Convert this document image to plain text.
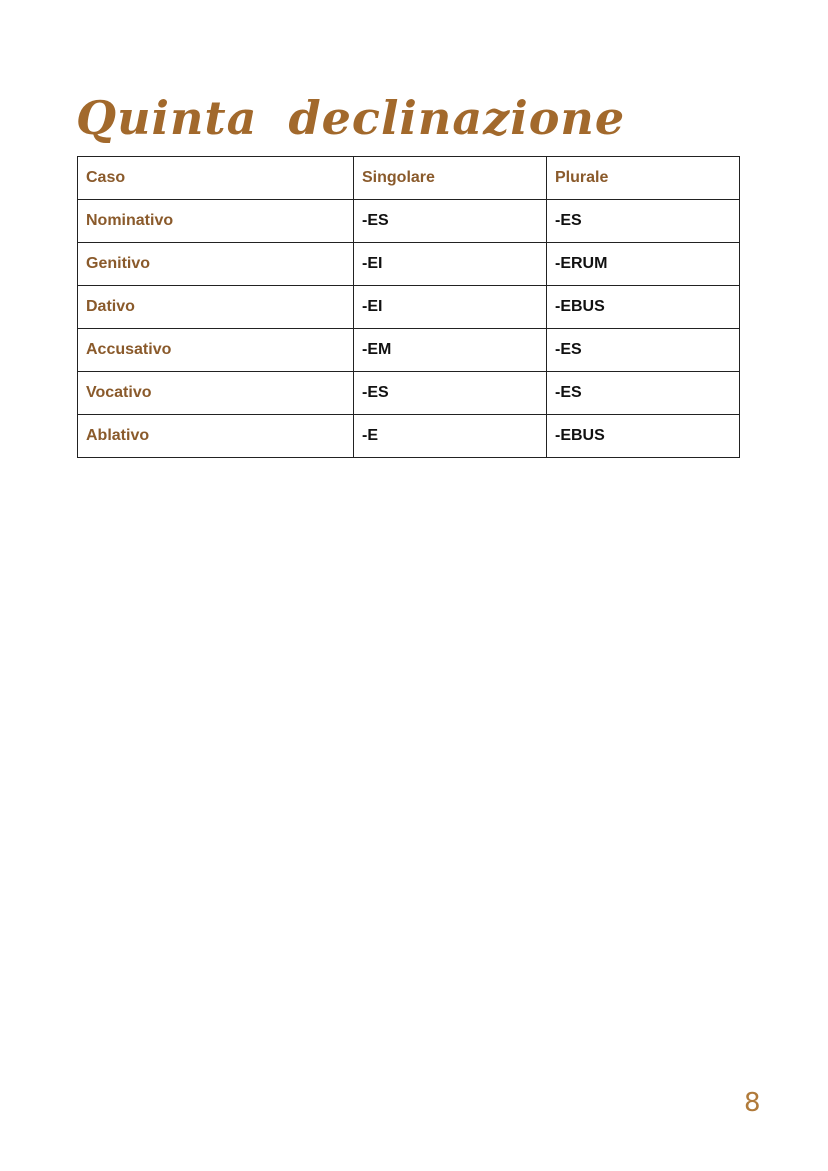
Quinta declinazione
Caso	Singolare	Plurale
Nominativo	-ES	-ES
Genitivo	-EI	-ERUM
Dativo	-EI	-EBUS
Accusativo	-EM	-ES
Vocativo	-ES	-ES
Ablativo	-E	-EBUS
8
